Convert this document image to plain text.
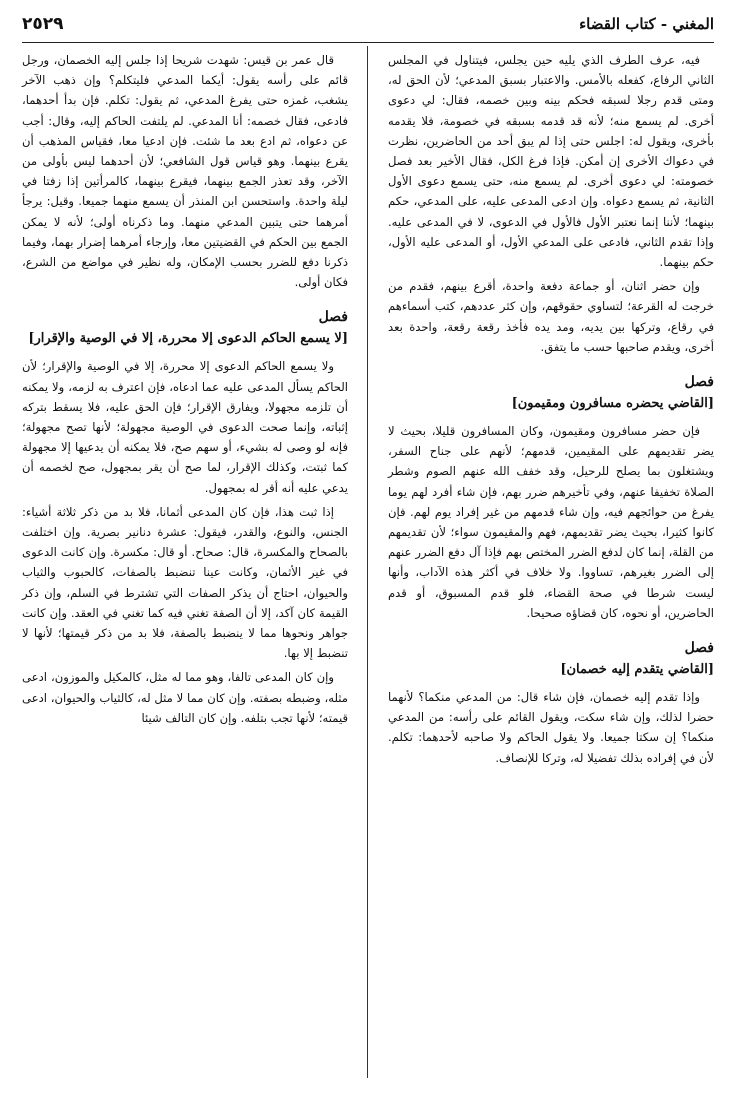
المغني - كتاب القضاء
٢٥٢٩

فيه، عرف الطرف الذي يليه حين يجلس، فيتناول في المجلس الثاني الرفاع، كفعله بالأمس. والاعتبار بسبق المدعي؛ لأن الحق له، ومتى قدم رجلا لسبقه فحكم بينه وبين خصمه، فقال: لي دعوى أخرى. لم يسمع منه؛ لأنه قد قدمه بسبقه في خصومة، فلا يقدمه بأخرى، ويقول له: اجلس حتى إذا لم يبق أحد من الحاضرين، نظرت في دعواك الأخرى إن أمكن. فإذا فرغ الكل، فقال الأخير بعد فصل خصومته: لي دعوى أخرى. لم يسمع منه، حتى يسمع دعوى الأول الثانية، ثم يسمع دعواه. وإن ادعى المدعى عليه، على المدعي، حكم بينهما؛ لأننا إنما نعتبر الأول فالأول في الدعوى، لا في المدعى عليه. وإذا تقدم الثاني، فادعى على المدعي الأول، أو المدعى عليه الأول، حكم بينهما.

وإن حضر اثنان، أو جماعة دفعة واحدة، أقرع بينهم، فقدم من خرجت له القرعة؛ لتساوي حقوقهم، وإن كثر عددهم، كتب أسماءهم في رقاع، وتركها بين يديه، ومد يده فأخذ رقعة رقعة، واحدة بعد أخرى، ويقدم صاحبها حسب ما يتفق.

فصل
[القاضي يحضره مسافرون ومقيمون]

فإن حضر مسافرون ومقيمون، وكان المسافرون قليلا، بحيث لا يضر تقديمهم على المقيمين، قدمهم؛ لأنهم على جناح السفر، ويشتغلون بما يصلح للرحيل، وقد خفف الله عنهم الصوم وشطر الصلاة تخفيفا عنهم، وفي تأخيرهم ضرر بهم، فإن شاء أفرد لهم يوما يفرغ من حوائجهم فيه، وإن شاء قدمهم من غير إفراد يوم لهم. فإن كانوا كثيرا، بحيث يضر تقديمهم، فهم والمقيمون سواء؛ لأن تقديمهم من القلة، إنما كان لدفع الضرر المختص بهم فإذا آل دفع الضرر عنهم إلى الضرر بغيرهم، تساووا. ولا خلاف في أكثر هذه الآداب، وأنها ليست شرطا في صحة القضاء، فلو قدم المسبوق، أو قدم الحاضرين، أو نحوه، كان قضاؤه صحيحا.

فصل
[القاضي يتقدم إليه خصمان]

وإذا تقدم إليه خصمان، فإن شاء قال: من المدعي منكما؟ لأنهما حضرا لذلك، وإن شاء سكت، ويقول القائم على رأسه: من المدعي منكما؟ إن سكتا جميعا. ولا يقول الحاكم ولا صاحبه لأحدهما: تكلم. لأن في إفراده بذلك تفضيلا له، وتركا للإنصاف.

قال عمر بن قيس: شهدت شريحا إذا جلس إليه الخصمان، ورجل قائم على رأسه يقول: أيكما المدعي فليتكلم؟ وإن ذهب الآخر يشغب، غمزه حتى يفرغ المدعي، ثم يقول: تكلم. فإن بدأ أحدهما، فادعى، فقال خصمه: أنا المدعي. لم يلتفت الحاكم إليه، وقال: أجب عن دعواه، ثم ادع بعد ما شئت. فإن ادعيا معا، فقياس المذهب أن يقرع بينهما. وهو قياس قول الشافعي؛ لأن أحدهما ليس بأولى من الآخر، وقد تعذر الجمع بينهما، فيقرع بينهما، كالمرأتين إذا زفتا في ليلة واحدة. واستحسن ابن المنذر أن يسمع منهما جميعا. وقيل: يرجأ أمرهما حتى يتبين المدعي منهما. وما ذكرناه أولى؛ لأنه لا يمكن الجمع بين الحكم في القضيتين معا، وإرجاء أمرهما إضرار بهما، وفيما ذكرنا دفع للضرر بحسب الإمكان، وله نظير في مواضع من الشرع، فكان أولى.

فصل
[لا يسمع الحاكم الدعوى إلا محررة، إلا في الوصية والإقرار]

ولا يسمع الحاكم الدعوى إلا محررة، إلا في الوصية والإقرار؛ لأن الحاكم يسأل المدعى عليه عما ادعاه، فإن اعترف به لزمه، ولا يمكنه أن تلزمه مجهولا، ويفارق الإقرار؛ فإن الحق عليه، فلا يسقط بتركه إثباته، وإنما صحت الدعوى في الوصية مجهولة؛ لأنها تصح مجهولة؛ فإنه لو وصى له بشيء، أو سهم صح، فلا يمكنه أن يدعيها إلا مجهولة كما ثبتت، وكذلك الإقرار، لما صح أن يقر بمجهول، صح لخصمه أن يدعي عليه أنه أقر له بمجهول.

إذا ثبت هذا، فإن كان المدعى أثمانا، فلا بد من ذكر ثلاثة أشياء: الجنس، والنوع، والقدر، فيقول: عشرة دنانير بصرية. وإن اختلفت بالصحاح والمكسرة، قال: صحاح. أو قال: مكسرة. وإن كانت الدعوى في غير الأثمان، وكانت عينا تنضبط بالصفات، كالحبوب والثياب والحيوان، احتاج أن يذكر الصفات التي تشترط في السلم، وإن ذكر القيمة كان آكد، إلا أن الصفة تغني فيه كما تغني في العقد. وإن كانت جواهر ونحوها مما لا ينضبط بالصفة، فلا بد من ذكر قيمتها؛ لأنها لا تنضبط إلا بها.

وإن كان المدعى تالفا، وهو مما له مثل، كالمكيل والموزون، ادعى مثله، وضبطه بصفته. وإن كان مما لا مثل له، كالثياب والحيوان، ادعى قيمته؛ لأنها تجب بتلفه. وإن كان التالف شيئا
